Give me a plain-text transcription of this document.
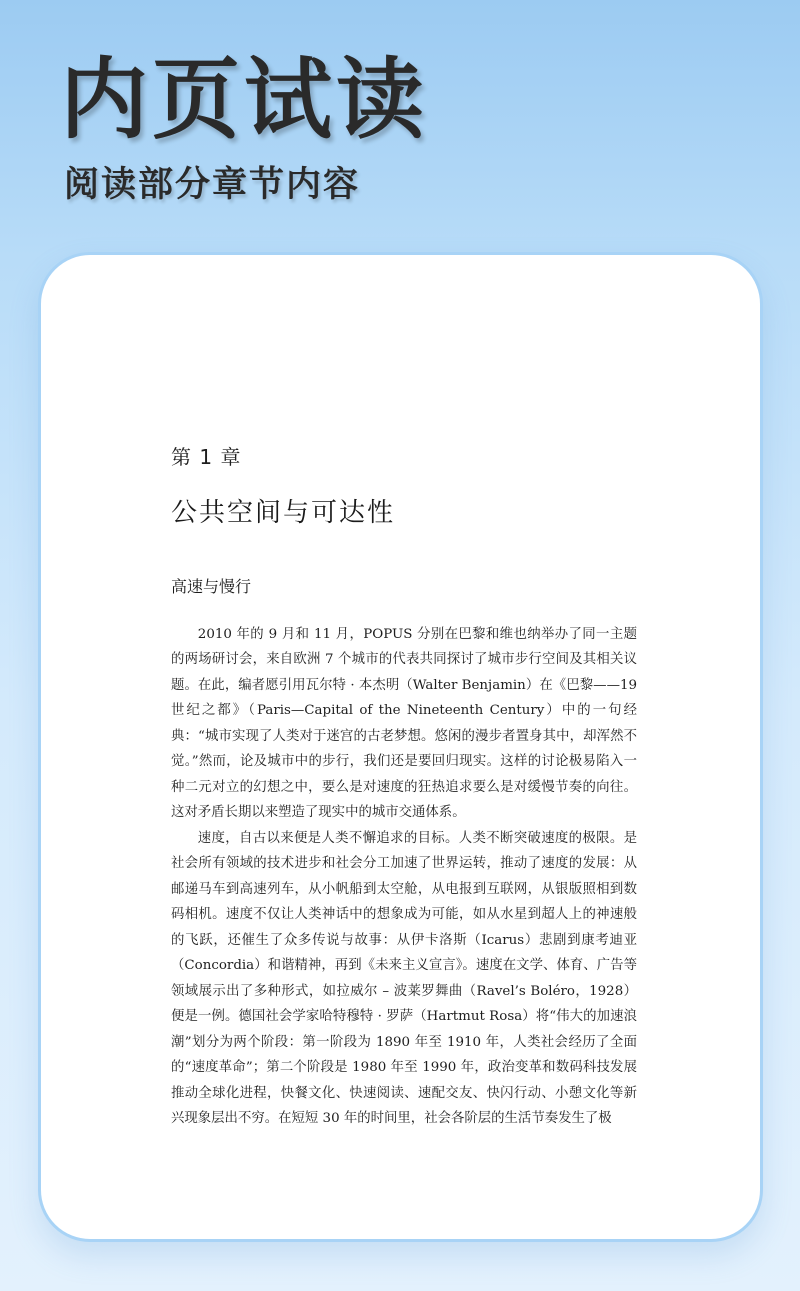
内页试读
阅读部分章节内容

第 1 章

公共空间与可达性
高速与慢行

2010 年的 9 月和 11 月，POPUS 分别在巴黎和维也纳举办了同一主题的两场研讨会，来自欧洲 7 个城市的代表共同探讨了城市步行空间及其相关议题。在此，编者愿引用瓦尔特 · 本杰明（Walter Benjamin）在《巴黎——19 世纪之都》（Paris—Capital of the Nineteenth Century）中的一句经典：“城市实现了人类对于迷宫的古老梦想。悠闲的漫步者置身其中，却浑然不觉。”然而，论及城市中的步行，我们还是要回归现实。这样的讨论极易陷入一种二元对立的幻想之中，要么是对速度的狂热追求要么是对缓慢节奏的向往。这对矛盾长期以来塑造了现实中的城市交通体系。

速度，自古以来便是人类不懈追求的目标。人类不断突破速度的极限。是社会所有领域的技术进步和社会分工加速了世界运转，推动了速度的发展：从邮递马车到高速列车，从小帆船到太空舱，从电报到互联网，从银版照相到数码相机。速度不仅让人类神话中的想象成为可能，如从水星到超人上的神速般的飞跃，还催生了众多传说与故事：从伊卡洛斯（Icarus）悲剧到康考迪亚（Concordia）和谐精神，再到《未来主义宣言》。速度在文学、体育、广告等领域展示出了多种形式，如拉威尔 – 波莱罗舞曲（Ravel’s Boléro，1928）便是一例。德国社会学家哈特穆特 · 罗萨（Hartmut Rosa）将“伟大的加速浪潮”划分为两个阶段：第一阶段为 1890 年至 1910 年，人类社会经历了全面的“速度革命”；第二个阶段是 1980 年至 1990 年，政治变革和数码科技发展推动全球化进程，快餐文化、快速阅读、速配交友、快闪行动、小憩文化等新兴现象层出不穷。在短短 30 年的时间里，社会各阶层的生活节奏发生了极
